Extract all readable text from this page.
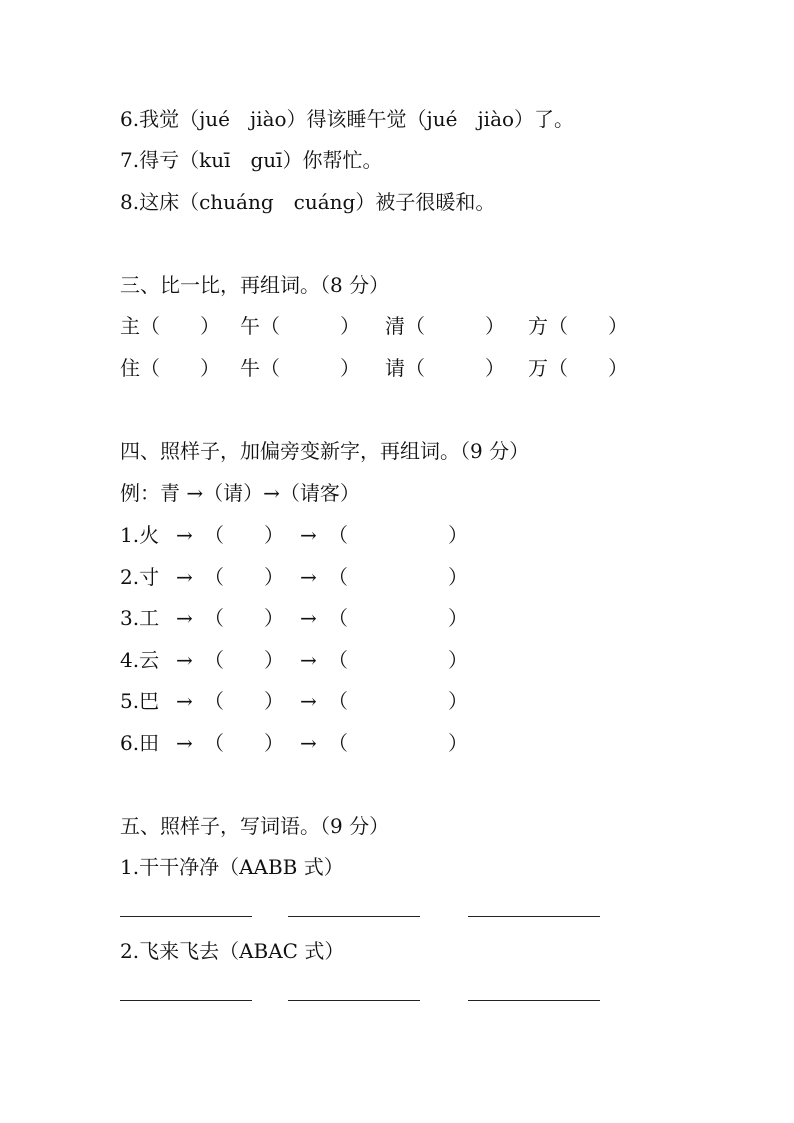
6.我觉（jué　jiào）得该睡午觉（jué　jiào）了。
7.得亏（kuī　guī）你帮忙。
8.这床（chuáng　cuáng）被子很暖和。
三、比一比，再组词。（8 分）
主（　　） 午（　　　） 清（　　　） 方（　　）
住（　　） 牛（　　　） 请（　　　） 万（　　）
四、照样子，加偏旁变新字，再组词。（9 分）
例：青 →（请）→（请客）
1.火 → （　　） → （　　　　　）
2.寸 → （　　） → （　　　　　）
3.工 → （　　） → （　　　　　）
4.云 → （　　） → （　　　　　）
5.巴 → （　　） → （　　　　　）
6.田 → （　　） → （　　　　　）
五、照样子，写词语。（9 分）
1.干干净净（AABB 式）
2.飞来飞去（ABAC 式）
